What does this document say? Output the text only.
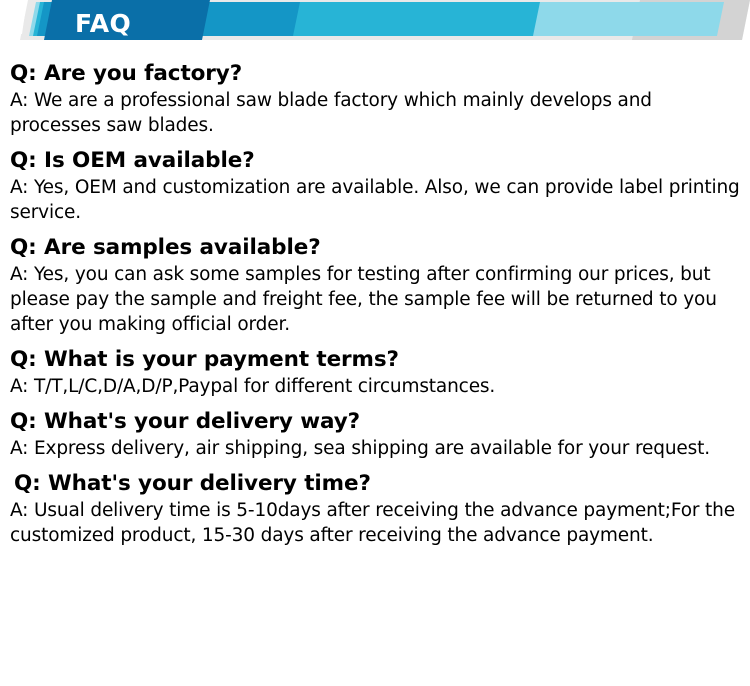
FAQ

Q: Are you factory?

A: We are a professional saw blade factory which mainly develops and processes saw blades.

Q: Is OEM available?

A: Yes, OEM and customization are available. Also, we can provide label printing service.

Q: Are samples available?

A: Yes, you can ask some samples for testing after confirming our prices, but please pay the sample and freight fee, the sample fee will be returned to you after you making official order.

Q: What is your payment terms?

A: T/T,L/C,D/A,D/P,Paypal for different circumstances.

Q: What's your delivery way?

A: Express delivery, air shipping, sea shipping are available for your request.

Q: What's your delivery time?

A: Usual delivery time is 5-10days after receiving the advance payment;For the customized product, 15-30 days after receiving the advance payment.
